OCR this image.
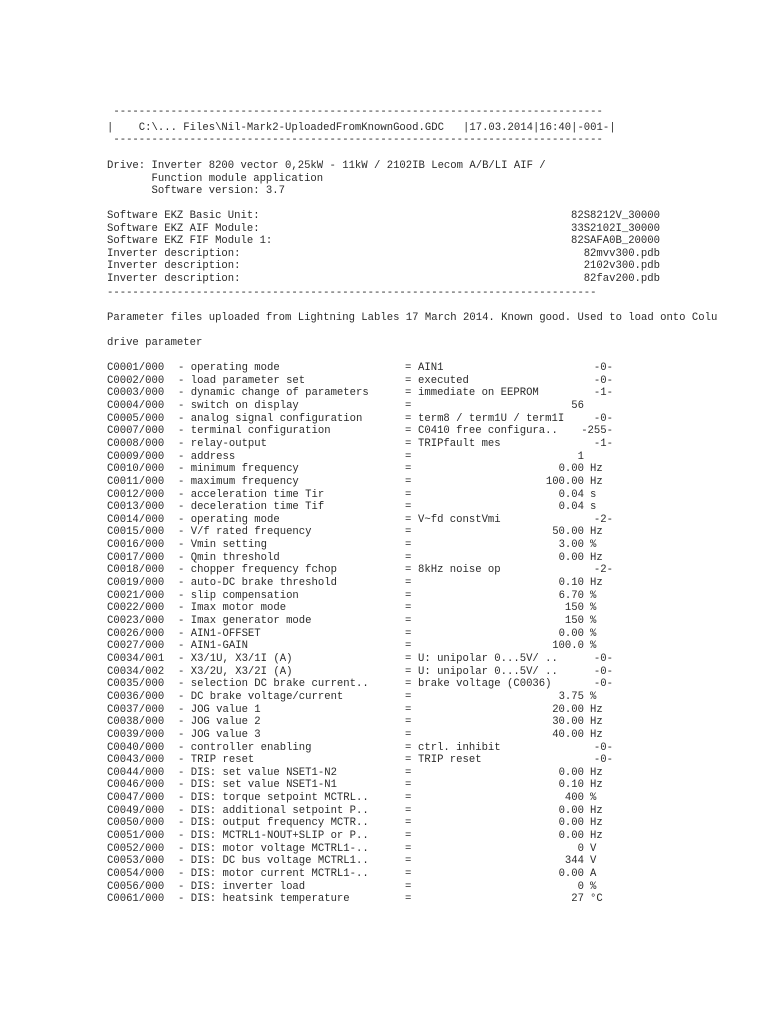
-----------------------------------------------------------------------------
|    C:\... Files\Nil-Mark2-UploadedFromKnownGood.GDC   |17.03.2014|16:40|-001-|
-----------------------------------------------------------------------------
Drive: Inverter 8200 vector 0,25kW - 11kW / 2102IB Lecom A/B/LI AIF /
Function module application
Software version: 3.7
-----------------------------------------------------------------------------
Parameter files uploaded from Lightning Lables 17 March 2014. Known good. Used to load onto Colu
drive parameter
Software EKZ Basic Unit:	82S8212V_30000
Software EKZ AIF Module:	33S2102I_30000
Software EKZ FIF Module 1:	82SAFA0B_20000
Inverter description:	82mvv300.pdb
Inverter description:	2102v300.pdb
Inverter description:	82fav200.pdb
C0001/000 - operating mode	= AIN1	-0-
C0002/000 - load parameter set	= executed	-0-
C0003/000 - dynamic change of parameters	= immediate on EEPROM	-1-
C0004/000 - switch on display	=	56
C0005/000 - analog signal configuration	= term8 / term1U / term1I	-0-
C0007/000 - terminal configuration	= C0410 free configura.. -255-
C0008/000 - relay-output	= TRIPfault mes	-1-
C0009/000 - address	=	1
C0010/000 - minimum frequency	=	0.00 Hz
C0011/000 - maximum frequency	=	100.00 Hz
C0012/000 - acceleration time Tir	=	0.04 s
C0013/000 - deceleration time Tif	=	0.04 s
C0014/000 - operating mode	= V~fd constVmi	-2-
C0015/000 - V/f rated frequency	=	50.00 Hz
C0016/000 - Vmin setting	=	3.00 %
C0017/000 - Qmin threshold	=	0.00 Hz
C0018/000 - chopper frequency fchop	= 8kHz noise op	-2-
C0019/000 - auto-DC brake threshold	=	0.10 Hz
C0021/000 - slip compensation	=	6.70 %
C0022/000 - Imax motor mode	=	150 %
C0023/000 - Imax generator mode	=	150 %
C0026/000 - AIN1-OFFSET	=	0.00 %
C0027/000 - AIN1-GAIN	=	100.0 %
C0034/001 - X3/1U, X3/1I (A)	= U: unipolar 0...5V/ ..	-0-
C0034/002 - X3/2U, X3/2I (A)	= U: unipolar 0...5V/ ..	-0-
C0035/000 - selection DC brake current..	= brake voltage (C0036)	-0-
C0036/000 - DC brake voltage/current	=	3.75 %
C0037/000 - JOG value 1	=	20.00 Hz
C0038/000 - JOG value 2	=	30.00 Hz
C0039/000 - JOG value 3	=	40.00 Hz
C0040/000 - controller enabling	= ctrl. inhibit	-0-
C0043/000 - TRIP reset	= TRIP reset	-0-
C0044/000 - DIS: set value NSET1-N2	=	0.00 Hz
C0046/000 - DIS: set value NSET1-N1	=	0.10 Hz
C0047/000 - DIS: torque setpoint MCTRL..	=	400 %
C0049/000 - DIS: additional setpoint P..	=	0.00 Hz
C0050/000 - DIS: output frequency MCTR..	=	0.00 Hz
C0051/000 - DIS: MCTRL1-NOUT+SLIP or P..	=	0.00 Hz
C0052/000 - DIS: motor voltage MCTRL1-..	=	0 V
C0053/000 - DIS: DC bus voltage MCTRL1..	=	344 V
C0054/000 - DIS: motor current MCTRL1-..	=	0.00 A
C0056/000 - DIS: inverter load	=	0 %
C0061/000 - DIS: heatsink temperature	=	27 °C
